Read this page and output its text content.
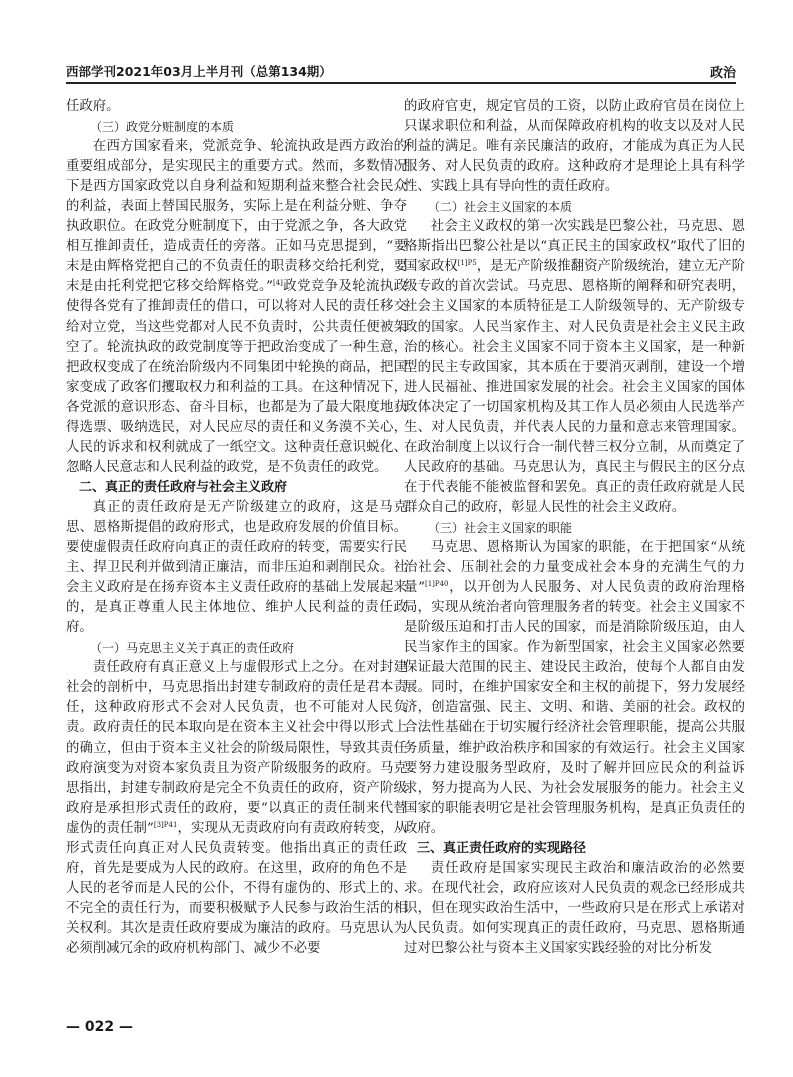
西部学刊2021年03月上半月刊（总第134期）	政治

任政府。

（三）政党分赃制度的本质

在西方国家看来，党派竞争、轮流执政是西方政治的重要组成部分，是实现民主的重要方式。然而，多数情况下是西方国家政党以自身利益和短期利益来整合社会民众的利益，表面上替国民服务，实际上是在利益分赃、争夺执政职位。在政党分赃制度下，由于党派之争，各大政党相互推卸责任，造成责任的旁落。正如马克思提到，“要末是由辉格党把自己的不负责任的职责移交给托利党，要末是由托利党把它移交给辉格党。”[4]政党竞争及轮流执政使得各党有了推卸责任的借口，可以将对人民的责任移交给对立党，当这些党都对人民不负责时，公共责任便被架空了。轮流执政的政党制度等于把政治变成了一种生意，把政权变成了在统治阶级内不同集团中轮换的商品，把国家变成了政客们攫取权力和利益的工具。在这种情况下，各党派的意识形态、奋斗目标，也都是为了最大限度地获得选票、吸纳选民，对人民应尽的责任和义务漠不关心，人民的诉求和权利就成了一纸空文。这种责任意识蜕化、忽略人民意志和人民利益的政党，是不负责任的政党。

二、真正的责任政府与社会主义政府

真正的责任政府是无产阶级建立的政府，这是马克思、恩格斯提倡的政府形式，也是政府发展的价值目标。要使虚假责任政府向真正的责任政府的转变，需要实行民主、捍卫民利并做到清正廉洁，而非压迫和剥削民众。社会主义政府是在扬弃资本主义责任政府的基础上发展起来的，是真正尊重人民主体地位、维护人民利益的责任政府。

（一）马克思主义关于真正的责任政府

责任政府有真正意义上与虚假形式上之分。在对封建社会的剖析中，马克思指出封建专制政府的责任是君本责任，这种政府形式不会对人民负责，也不可能对人民负责。政府责任的民本取向是在资本主义社会中得以形式上的确立，但由于资本主义社会的阶级局限性，导致其责任政府演变为对资本家负责且为资产阶级服务的政府。马克思指出，封建专制政府是完全不负责任的政府，资产阶级政府是承担形式责任的政府，要“以真正的责任制来代替虚伪的责任制”$^{[3]P41}$，实现从无责政府向有责政府转变，从形式责任向真正对人民负责转变。他指出真正的责任政府，首先是要成为人民的政府。在这里，政府的角色不是人民的老爷而是人民的公仆，不得有虚伪的、形式上的、不完全的责任行为，而要积极赋予人民参与政治生活的相关权利。其次是责任政府要成为廉洁的政府。马克思认为必须削减冗余的政府机构部门、减少不必要

的政府官吏，规定官员的工资，以防止政府官员在岗位上只谋求职位和利益，从而保障政府机构的收支以及对人民利益的满足。唯有亲民廉洁的政府，才能成为真正为人民服务、对人民负责的政府。这种政府才是理论上具有科学性、实践上具有导向性的责任政府。

（二）社会主义国家的本质

社会主义政权的第一次实践是巴黎公社，马克思、恩格斯指出巴黎公社是以“真正民主的国家政权”取代了旧的国家政权$^{[1]P5}$，是无产阶级推翻资产阶级统治，建立无产阶级专政的首次尝试。马克思、恩格斯的阐释和研究表明，社会主义国家的本质特征是工人阶级领导的、无产阶级专政的国家。人民当家作主、对人民负责是社会主义民主政治的核心。社会主义国家不同于资本主义国家，是一种新型的民主专政国家，其本质在于要消灭剥削，建设一个增进人民福祉、推进国家发展的社会。社会主义国家的国体政体决定了一切国家机构及其工作人员必须由人民选举产生、对人民负责，并代表人民的力量和意志来管理国家。在政治制度上以议行合一制代替三权分立制，从而奠定了人民政府的基础。马克思认为，真民主与假民主的区分点在于代表能不能被监督和罢免。真正的责任政府就是人民群众自己的政府，彰显人民性的社会主义政府。

（三）社会主义国家的职能

马克思、恩格斯认为国家的职能，在于把国家“从统治社会、压制社会的力量变成社会本身的充满生气的力量”$^{[1]P40}$，以开创为人民服务、对人民负责的政府治理格局，实现从统治者向管理服务者的转变。社会主义国家不是阶级压迫和打击人民的国家，而是消除阶级压迫，由人民当家作主的国家。作为新型国家，社会主义国家必然要保证最大范围的民主、建设民主政治，使每个人都自由发展。同时，在维护国家安全和主权的前提下，努力发展经济，创造富强、民主、文明、和谐、美丽的社会。政权的合法性基础在于切实履行经济社会管理职能，提高公共服务质量，维护政治秩序和国家的有效运行。社会主义国家要努力建设服务型政府，及时了解并回应民众的利益诉求，努力提高为人民、为社会发展服务的能力。社会主义国家的职能表明它是社会管理服务机构，是真正负责任的政府。

三、真正责任政府的实现路径

责任政府是国家实现民主政治和廉洁政治的必然要求。在现代社会，政府应该对人民负责的观念已经形成共识，但在现实政治生活中，一些政府只是在形式上承诺对人民负责。如何实现真正的责任政府，马克思、恩格斯通过对巴黎公社与资本主义国家实践经验的对比分析发

— 022 —
